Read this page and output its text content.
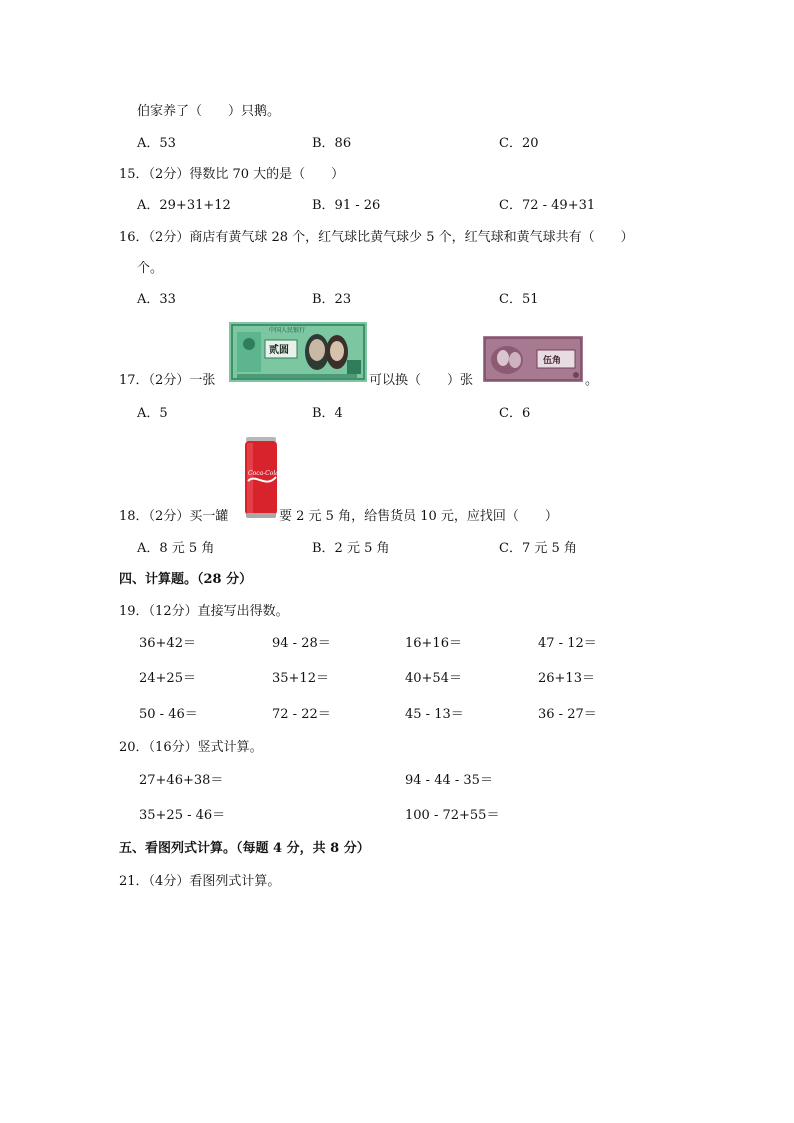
伯家养了（　　）只鹅。
A．53	B．86	C．20
15．（2分）得数比 70 大的是（　　）
A．29+31+12	B．91 - 26	C．72 - 49+31
16．（2分）商店有黄气球 28 个，红气球比黄气球少 5 个，红气球和黄气球共有（　　）
个。
A．33	B．23	C．51
17．（2分）一张
中国人民银行
贰圆
可以换（　　）张
伍角
。
A．5	B．4	C．6
18．（2分）买一罐
Coca-Cola
要 2 元 5 角，给售货员 10 元，应找回（　　）
A．8 元 5 角	B．2 元 5 角	C．7 元 5 角
四、计算题。（28 分）
19．（12分）直接写出得数。
36+42＝	94 - 28＝	16+16＝	47 - 12＝
24+25＝	35+12＝	40+54＝	26+13＝
50 - 46＝	72 - 22＝	45 - 13＝	36 - 27＝
20．（16分）竖式计算。
27+46+38＝	94 - 44 - 35＝
35+25 - 46＝	100 - 72+55＝
五、看图列式计算。（每题 4 分，共 8 分）
21．（4分）看图列式计算。
